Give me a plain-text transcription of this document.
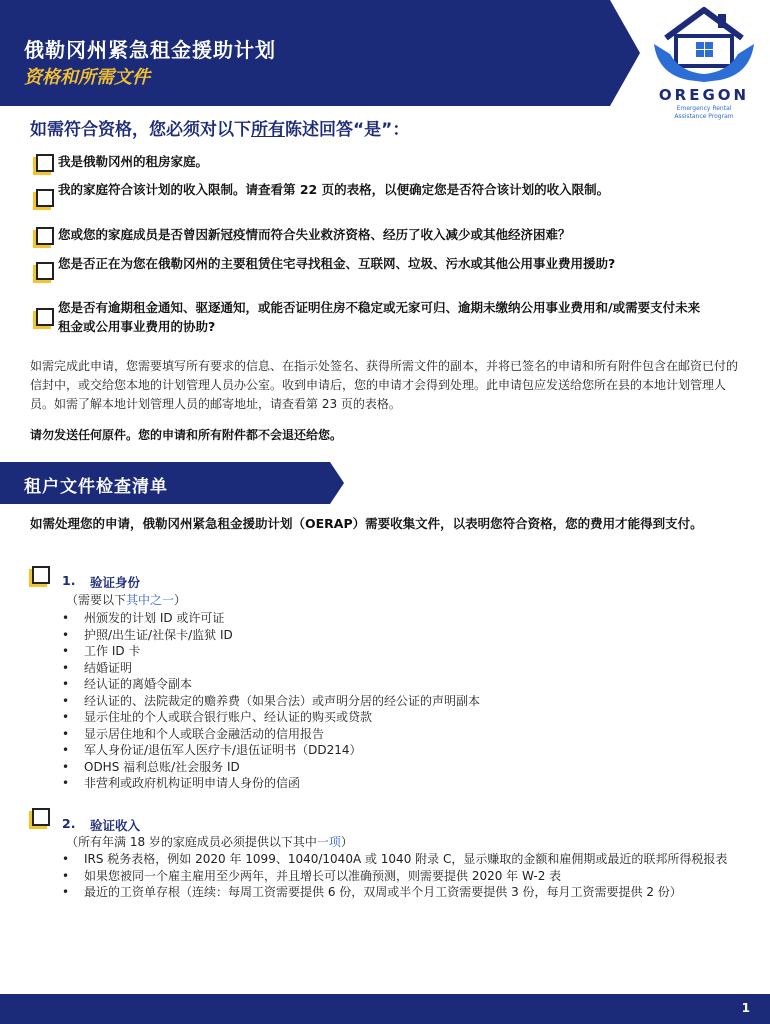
俄勒冈州紧急租金援助计划
资格和所需文件
OREGON
Emergency Rental
Assistance Program
如需符合资格，您必须对以下所有陈述回答“是”：
我是俄勒冈州的租房家庭。
我的家庭符合该计划的收入限制。请查看第 22 页的表格，以便确定您是否符合该计划的收入限制。
您或您的家庭成员是否曾因新冠疫情而符合失业救济资格、经历了收入减少或其他经济困难？
您是否正在为您在俄勒冈州的主要租赁住宅寻找租金、互联网、垃圾、污水或其他公用事业费用援助?
您是否有逾期租金通知、驱逐通知，或能否证明住房不稳定或无家可归、逾期未缴纳公用事业费用和/或需要支付未来租金或公用事业费用的协助?
如需完成此申请，您需要填写所有要求的信息、在指示处签名、获得所需文件的副本，并将已签名的申请和所有附件包含在邮资已付的信封中，或交给您本地的计划管理人员办公室。收到申请后，您的申请才会得到处理。此申请包应发送给您所在县的本地计划管理人员。如需了解本地计划管理人员的邮寄地址，请查看第 23 页的表格。
请勿发送任何原件。您的申请和所有附件都不会退还给您。
租户文件检查清单
如需处理您的申请，俄勒冈州紧急租金援助计划（OERAP）需要收集文件，以表明您符合资格，您的费用才能得到支付。
1. 验证身份
（需要以下其中之一）
• 州颁发的计划 ID 或许可证
• 护照/出生证/社保卡/监狱 ID
• 工作 ID 卡
• 结婚证明
• 经认证的离婚令副本
• 经认证的、法院裁定的赡养费（如果合法）或声明分居的经公证的声明副本
• 显示住址的个人或联合银行账户、经认证的购买或贷款
• 显示居住地和个人或联合金融活动的信用报告
• 军人身份证/退伍军人医疗卡/退伍证明书（DD214）
• ODHS 福利总账/社会服务 ID
• 非营利或政府机构证明申请人身份的信函
2. 验证收入
（所有年满 18 岁的家庭成员必须提供以下其中一项）
• IRS 税务表格，例如 2020 年 1099、1040/1040A 或 1040 附录 C，显示赚取的金额和雇佣期或最近的联邦所得税报表
• 如果您被同一个雇主雇用至少两年，并且增长可以准确预测，则需要提供 2020 年 W-2 表
• 最近的工资单存根（连续：每周工资需要提供 6 份，双周或半个月工资需要提供 3 份，每月工资需要提供 2 份）
1
